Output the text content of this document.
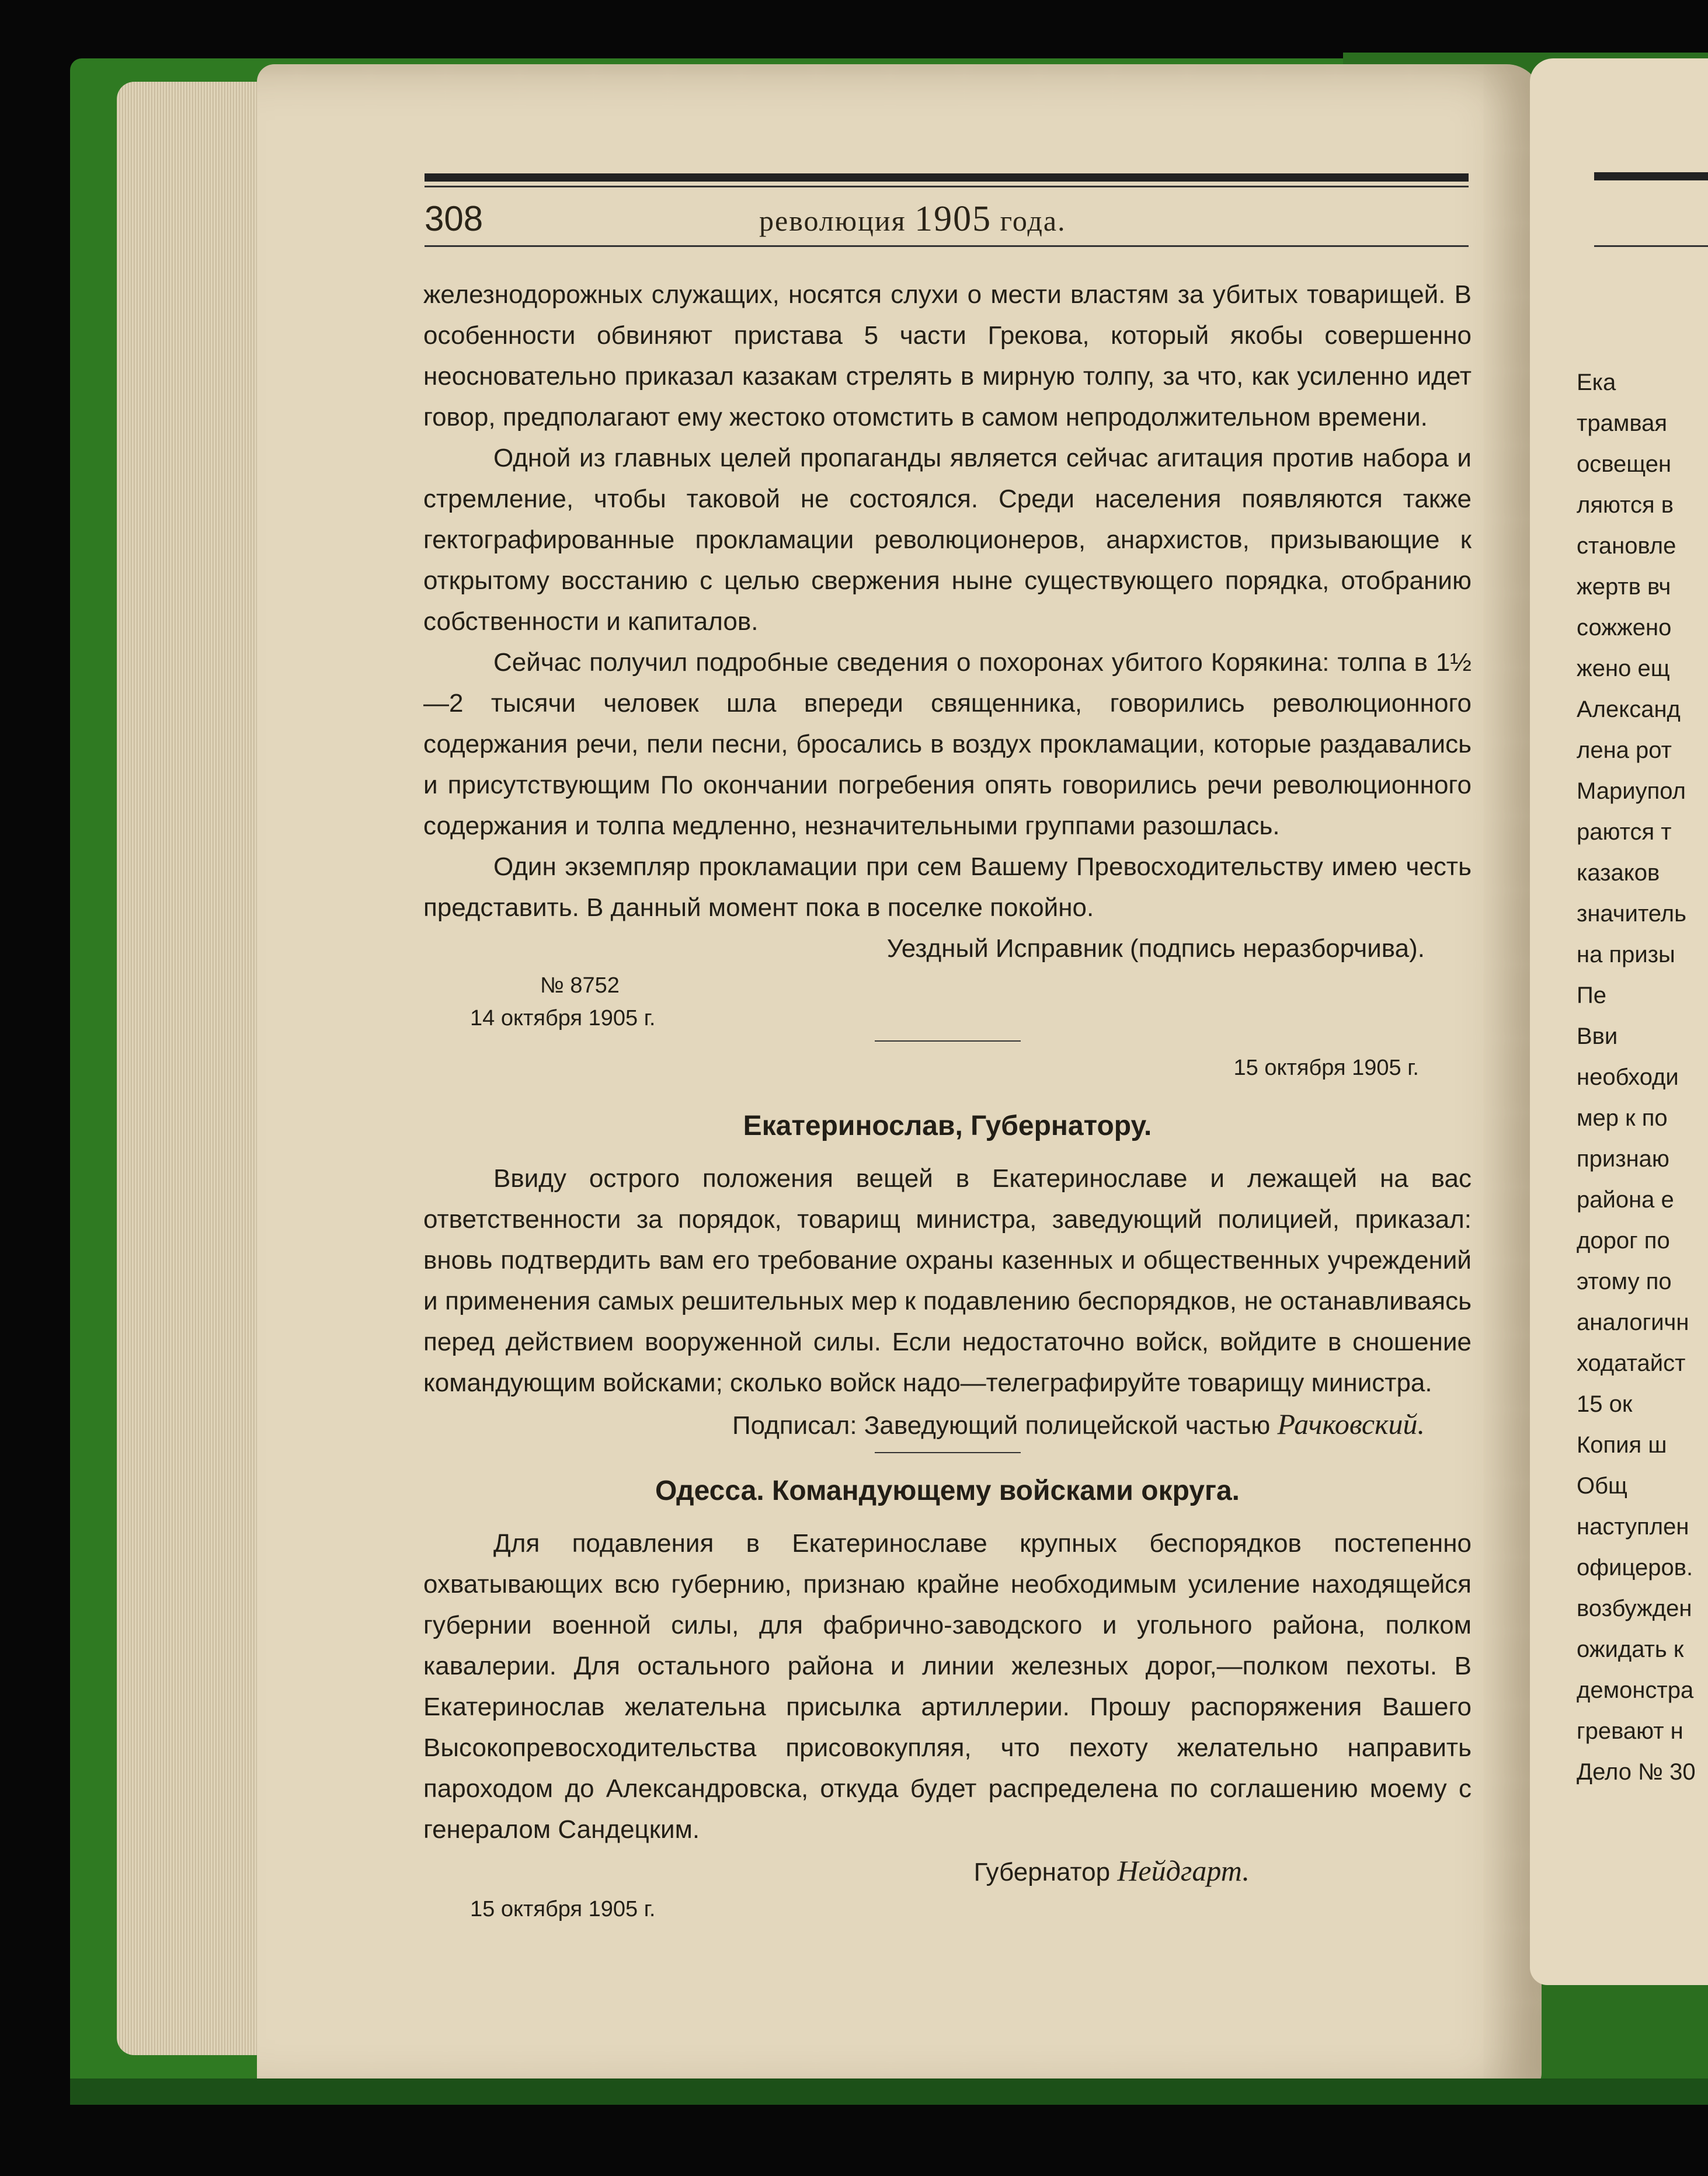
308	революция 1905 года.

железнодорожных служащих, носятся слухи о мести властям за убитых товарищей. В особенности обвиняют пристава 5 части Грекова, который якобы совершенно неосновательно приказал казакам стрелять в мирную толпу, за что, как усиленно идет говор, предполагают ему жестоко отомстить в самом непродолжительном времени.

Одной из главных целей пропаганды является сейчас агитация против набора и стремление, чтобы таковой не состоялся. Среди населения появляются также гектографированные прокламации революционеров, анархистов, призывающие к открытому восстанию с целью свержения ныне существующего порядка, отобранию собственности и капиталов.

Сейчас получил подробные сведения о похоронах убитого Корякина: толпа в 1½—2 тысячи человек шла впереди священника, говорились революционного содержания речи, пели песни, бросались в воздух прокламации, которые раздавались и присутствующим По окончании погребения опять говорились речи революционного содержания и толпа медленно, незначительными группами разошлась.

Один экземпляр прокламации при сем Вашему Превосходительству имею честь представить. В данный момент пока в поселке покойно.

Уездный Исправник (подпись неразборчива).

№ 8752
14 октября 1905 г.
15 октября 1905 г.
Екатеринослав, Губернатору.

Ввиду острого положения вещей в Екатеринославе и лежащей на вас ответственности за порядок, товарищ министра, заведующий полицией, приказал: вновь подтвердить вам его требование охраны казенных и общественных учреждений и применения самых решительных мер к подавлению беспорядков, не останавливаясь перед действием вооруженной силы. Если недостаточно войск, войдите в сношение командующим войсками; сколько войск надо—телеграфируйте товарищу министра.

Подписал: Заведующий полицейской частью Рачковский.

Одесса. Командующему войсками округа.

Для подавления в Екатеринославе крупных беспорядков постепенно охватывающих всю губернию, признаю крайне необходимым усиление находящейся губернии военной силы, для фабрично-заводского и угольного района, полком кавалерии. Для остального района и линии железных дорог,—полком пехоты. В Екатеринослав желательна присылка артиллерии. Прошу распоряжения Вашего Высокопревосходительства присовокупляя, что пехоту желательно направить пароходом до Александровска, откуда будет распределена по соглашению моему с генералом Сандецким.

Губернатор Нейдгарт.

15 октября 1905 г.
Ека
трамвая
освещен
ляются в
становле
жертв вч
сожжено
жено ещ
Александ
лена рот
Мариупол
раются т
казаков
значитель
на призы
Пе
Вви
необходи
мер к по
признаю
района е
дорог по
этому по
аналогичн
ходатайст
15 ок
Копия ш
Общ
наступлен
офицеров.
возбужден
ожидать к
демонстра
гревают н
Дело № 30
